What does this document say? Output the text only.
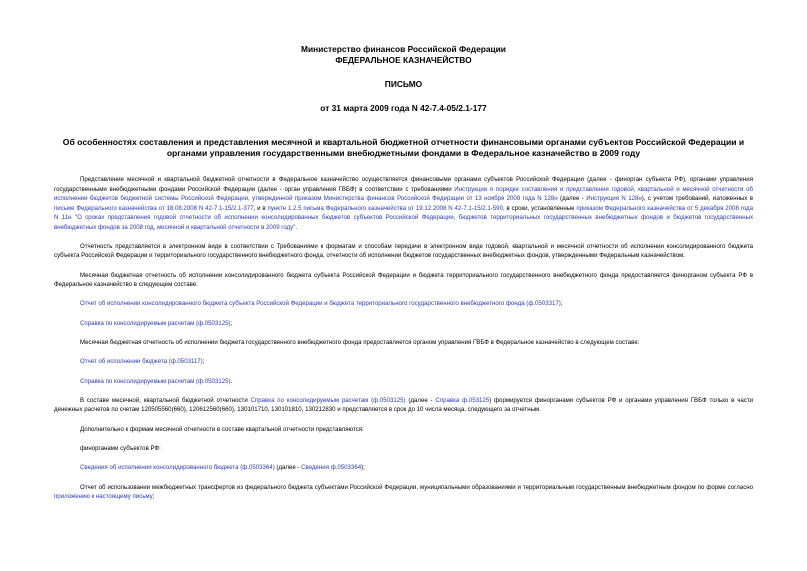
Министерство финансов Российской Федерации
ФЕДЕРАЛЬНОЕ КАЗНАЧЕЙСТВО
ПИСЬМО
от 31 марта 2009 года N 42-7.4-05/2.1-177
Об особенностях составления и представления месячной и квартальной бюджетной отчетности финансовыми органами субъектов Российской Федерации и органами управления государственными внебюджетными фондами в Федеральное казначейство в 2009 году

Представление месячной и квартальной бюджетной отчетности в Федеральное казначейство осуществляется финансовыми органами субъектов Российской Федерации (далее - финорган субъекта РФ), органами управления государственными внебюджетными фондами Российской Федерации (далее - орган управления ГВБФ) в соответствии с требованиями Инструкции о порядке составления и представления годовой, квартальной и месячной отчетности об исполнении бюджетов бюджетной системы Российской Федерации, утвержденной приказом Министерства финансов Российской Федерации от 13 ноября 2008 года N 128н (далее - Инструкция N 128н), с учетом требований, изложенных в письме Федерального казначейства от 18.08.2008 N 42-7.1-15/2.1-377, и в пункте 1.2.5 письма Федерального казначейства от 19.12.2008 N 42-7.1-15/2.1-590, в сроки, установленные приказом Федерального казначейства от 5 декабря 2008 года N 11н "О сроках представления годовой отчетности об исполнении консолидированных бюджетов субъектов Российской Федерации, бюджетов территориальных государственных внебюджетных фондов и бюджетов государственных внебюджетных фондов за 2008 год, месячной и квартальной отчетности в 2009 году".

Отчетность представляется в электронном виде в соответствии с Требованиями к форматам и способам передачи в электронном виде годовой, квартальной и месячной отчетности об исполнении консолидированного бюджета субъекта Российской Федерации и территориального государственного внебюджетного фонда, отчетности об исполнении бюджетов государственных внебюджетных фондов, утвержденными Федеральным казначейством.

Месячная бюджетная отчетность об исполнении консолидированного бюджета субъекта Российской Федерации и бюджета территориального государственного внебюджетного фонда предоставляется финорганом субъекта РФ в Федеральное казначейство в следующем составе:

Отчет об исполнении консолидированного бюджета субъекта Российской Федерации и бюджета территориального государственного внебюджетного фонда (ф.0503317);

Справка по консолидируемым расчетам (ф.0503125);

Месячная бюджетная отчетность об исполнении бюджета государственного внебюджетного фонда предоставляется органом управления ГВБФ в Федеральное казначейство в следующем составе:

Отчет об исполнении бюджета (ф.0503117);

Справка по консолидируемым расчетам (ф.0503125).

В составе месячной, квартальной бюджетной отчетности Справка по консолидируемым расчетам (ф.0503125) (далее - Справка ф.053125) формируется финорганами субъектов РФ и органами управления ГВБФ только в части денежных расчетов по счетам 120505560(660), 120612560(660), 130101710, 130101810, 130212830 и представляется в срок до 10 числа месяца, следующего за отчетным.

Дополнительно к формам месячной отчетности в составе квартальной отчетности представляются:

финорганами субъектов РФ:

Сведения об исполнении консолидированного бюджета (ф.0503364) (далее - Сведения ф.0503364);

Отчет об использовании межбюджетных трансфертов из федерального бюджета субъектами Российской Федерации, муниципальными образованиями и территориальным государственным внебюджетным фондом по форме согласно приложению к настоящему письму;
